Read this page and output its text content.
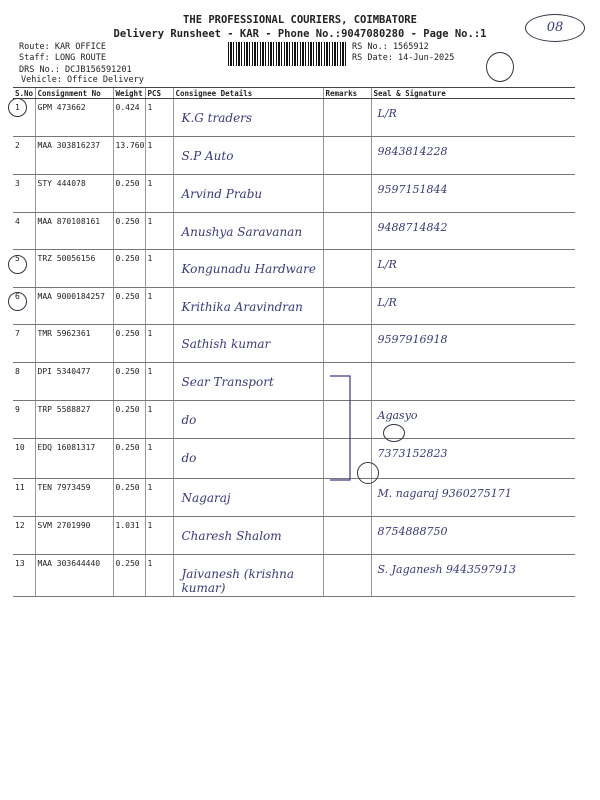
THE PROFESSIONAL COURIERS, COIMBATORE
Delivery Runsheet - KAR - Phone No.:9047080280 - Page No.:1	08
Route: KAR OFFICE
Staff: LONG ROUTE
DRS No.: DCJB156591201
Vehicle: Office Delivery
RS No.: 1565912
RS Date: 14-Jun-2025
S.No	Consignment No	Weight	PCS	Consignee Details	Remarks	Seal & Signature
1	GPM 473662	0.424	1	K.G traders		L/R
2	MAA 303816237	13.760	1	S.P Auto		9843814228
3	STY 444078	0.250	1	Arvind Prabu		9597151844
4	MAA 870108161	0.250	1	Anushya Saravanan		9488714842
5	TRZ 50056156	0.250	1	Kongunadu Hardware		L/R
6	MAA 9000184257	0.250	1	Krithika Aravindran		L/R
7	TMR 5962361	0.250	1	Sathish kumar		9597916918
8	DPI 5340477	0.250	1	Sear Transport		
9	TRP 5588827	0.250	1	do		Agasyo
10	EDQ 16081317	0.250	1	do		7373152823
11	TEN 7973459	0.250	1	Nagaraj		M. nagaraj 9360275171
12	SVM 2701990	1.031	1	Charesh Shalom		8754888750
13	MAA 303644440	0.250	1	Jaivanesh (krishna kumar)		S. Jaganesh 9443597913
